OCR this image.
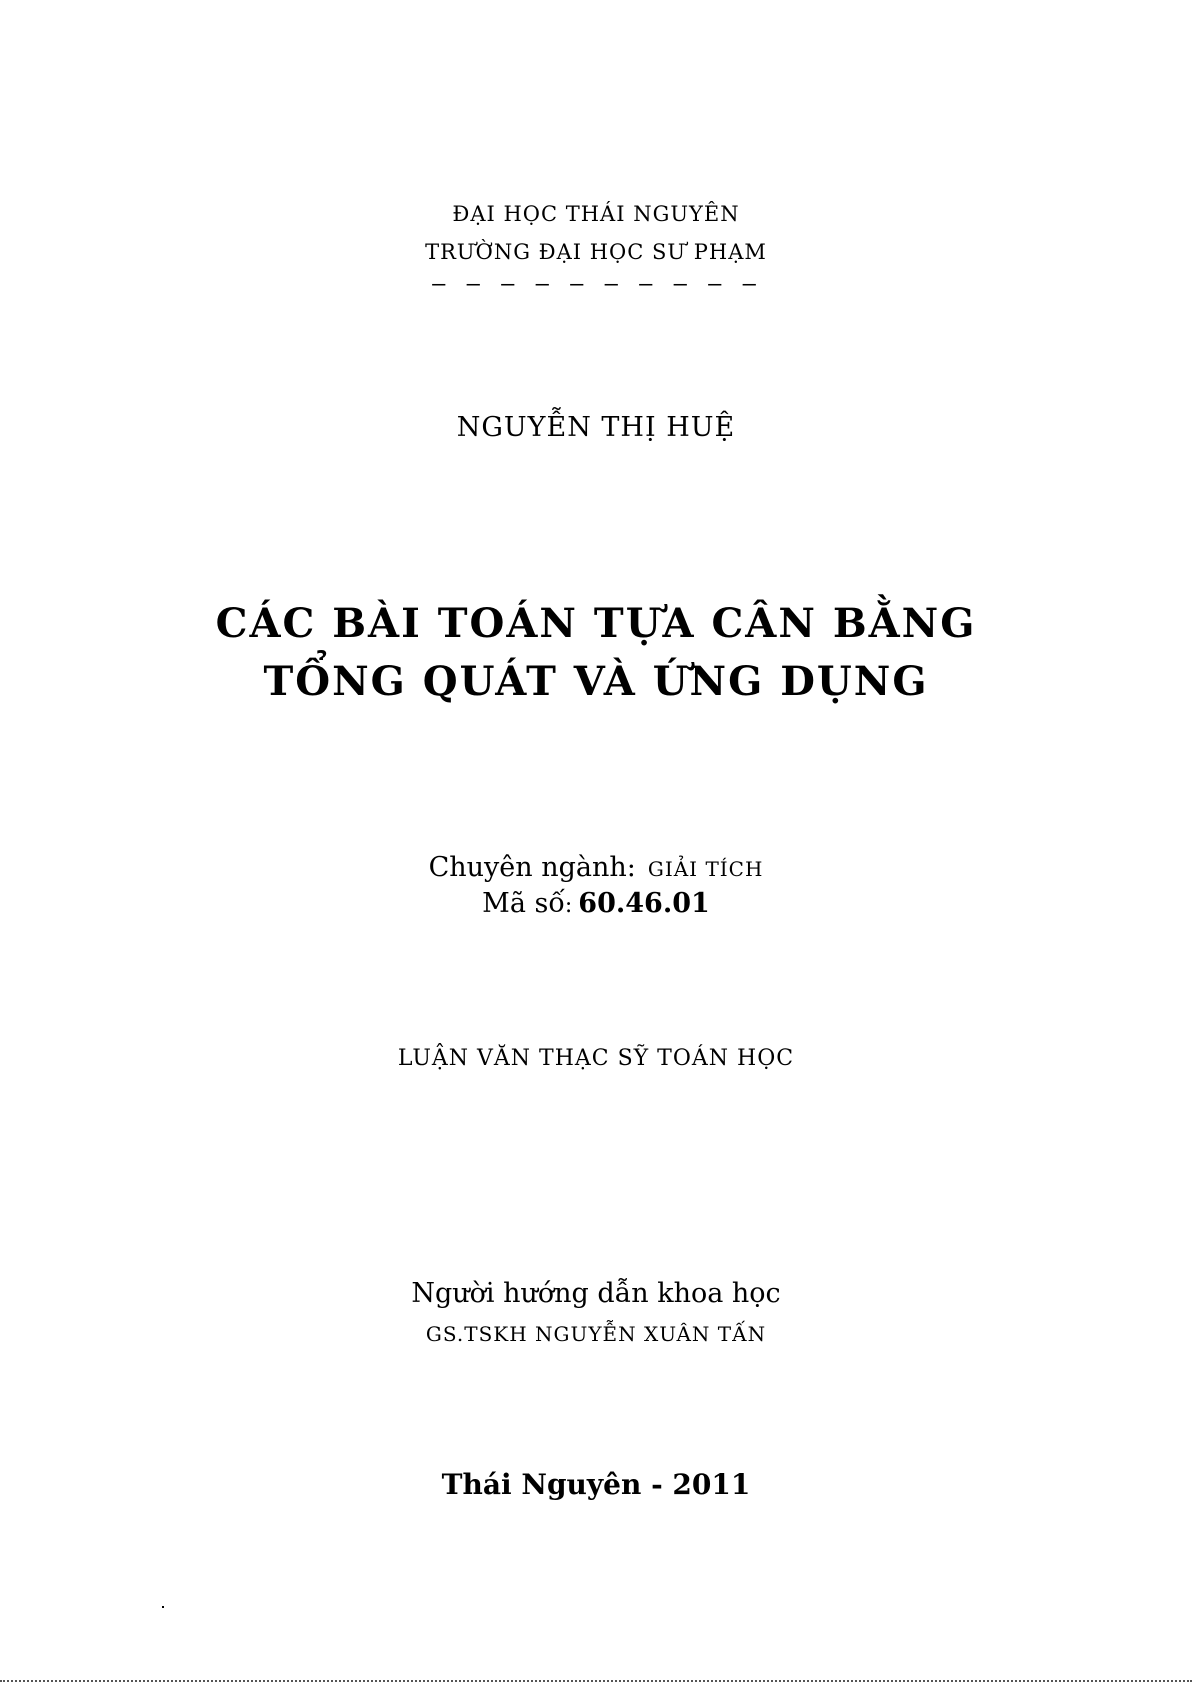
ĐẠI HỌC THÁI NGUYÊN
TRƯỜNG ĐẠI HỌC SƯ PHẠM
– – – – – – – – – –
NGUYỄN THỊ HUỆ
CÁC BÀI TOÁN TỰA CÂN BẰNG
TỔNG QUÁT VÀ ỨNG DỤNG
Chuyên ngành: GIẢI TÍCH
Mã số: 60.46.01
LUẬN VĂN THẠC SỸ TOÁN HỌC
Người hướng dẫn khoa học
GS.TSKH NGUYỄN XUÂN TẤN
Thái Nguyên - 2011
